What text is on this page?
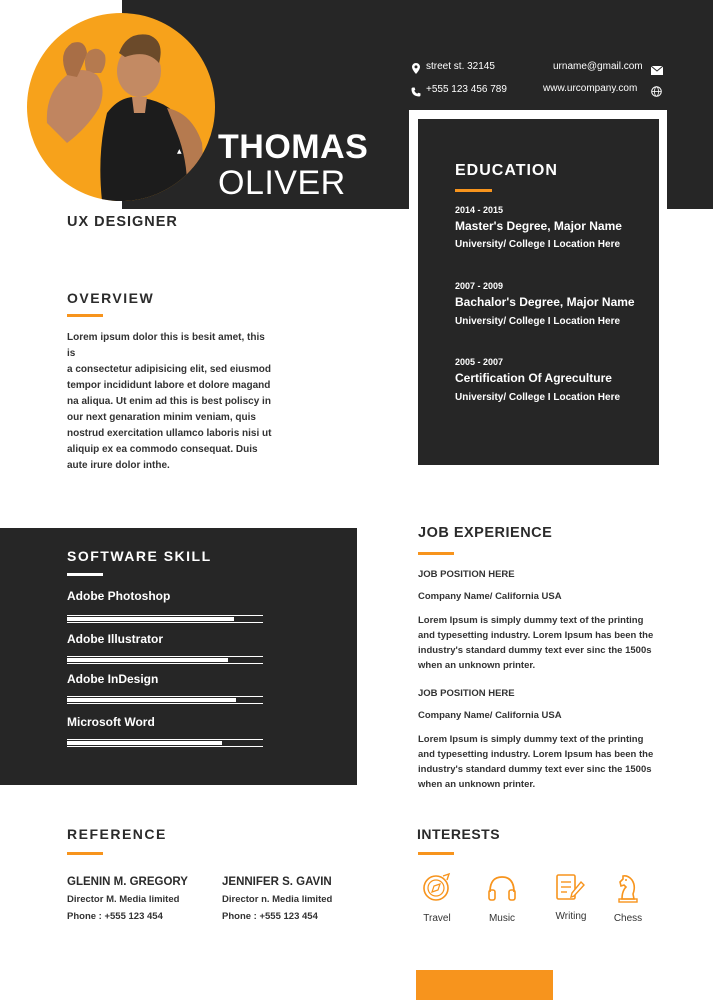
▲ THOMAS
OLIVER
street st. 32145
+555 123 456 789
urname@gmail.com
www.urcompany.com
EDUCATION
2014 - 2015
Master's Degree, Major Name
University/ College I Location Here
2007 - 2009
Bachalor's Degree, Major Name
University/ College I Location Here
2005 - 2007
Certification Of Agreculture
University/ College I Location Here
UX DESIGNER
OVERVIEW
Lorem ipsum dolor this is besit amet, this is
a consectetur adipisicing elit, sed eiusmod
tempor incididunt labore et dolore magand
na aliqua. Ut enim ad this is best poliscy in
our next genaration minim veniam, quis
nostrud exercitation ullamco laboris nisi ut
aliquip ex ea commodo consequat. Duis
aute irure dolor inthe.
SOFTWARE SKILL
Adobe Photoshop
Adobe Illustrator
Adobe InDesign
Microsoft Word
JOB EXPERIENCE
JOB POSITION HERE
Company Name/ California USA
Lorem Ipsum is simply dummy text of the printing
and typesetting industry. Lorem Ipsum has been the
industry's standard dummy text ever sinc the 1500s
when an unknown printer.
JOB POSITION HERE
Company Name/ California USA
Lorem Ipsum is simply dummy text of the printing
and typesetting industry. Lorem Ipsum has been the
industry's standard dummy text ever sinc the 1500s
when an unknown printer.
REFERENCE
GLENIN M. GREGORY
Director M. Media limited
Phone : +555 123 454
JENNIFER S. GAVIN
Director n. Media limited
Phone : +555 123 454
INTERESTS
Travel	Music	Writing	Chess
